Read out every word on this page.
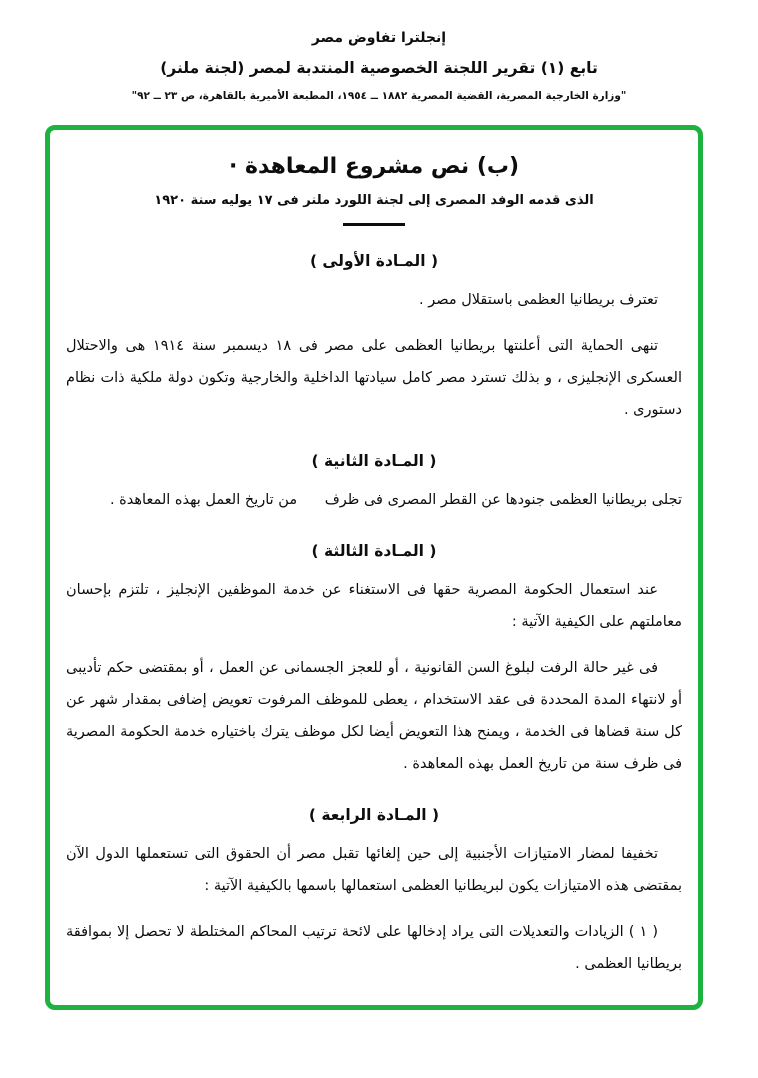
إنجلترا تفاوض مصر
تابع (١) تقرير اللجنة الخصوصية المنتدبة لمصر (لجنة ملنر)
"وزارة الخارجية المصرية، القضية المصرية ١٨٨٢ ــ ١٩٥٤، المطبعة الأميرية بالقاهرة، ص ٢٣ ــ ٩٢"
(ب) نص مشروع المعاهدة ·
الذى قدمه الوفد المصرى إلى لجنة اللورد ملنر فى ١٧ يوليه سنة ١٩٢٠
( المـادة الأولى )

تعترف بريطانيا العظمى باستقلال مصر .

تنهى الحماية التى أعلنتها بريطانيا العظمى على مصر فى ١٨ ديسمبر سنة ١٩١٤ هى والاحتلال العسكرى الإنجليزى ، و بذلك تسترد مصر كامل سيادتها الداخلية والخارجية وتكون دولة ملكية ذات نظام دستورى .

( المـادة الثانية )

تجلى بريطانيا العظمى جنودها عن القطر المصرى فى ظرف      من تاريخ العمل بهذه المعاهدة .

( المـادة الثالثة )

عند استعمال الحكومة المصرية حقها فى الاستغناء عن خدمة الموظفين الإنجليز ، تلتزم بإحسان معاملتهم على الكيفية الآتية :

فى غير حالة الرفت لبلوغ السن القانونية ، أو للعجز الجسمانى عن العمل ، أو بمقتضى حكم تأديبى أو لانتهاء المدة المحددة فى عقد الاستخدام ، يعطى للموظف المرفوت تعويض إضافى بمقدار شهر عن كل سنة قضاها فى الخدمة ، ويمنح هذا التعويض أيضا لكل موظف يترك باختياره خدمة الحكومة المصرية فى ظرف سنة من تاريخ العمل بهذه المعاهدة .

( المـادة الرابعة )

تخفيفا لمضار الامتيازات الأجنبية إلى حين إلغائها تقبل مصر أن الحقوق التى تستعملها الدول الآن بمقتضى هذه الامتيازات يكون لبريطانيا العظمى استعمالها باسمها بالكيفية الآتية :

( ١ ) الزيادات والتعديلات التى يراد إدخالها على لائحة ترتيب المحاكم المختلطة لا تحصل إلا بموافقة بريطانيا العظمى .
